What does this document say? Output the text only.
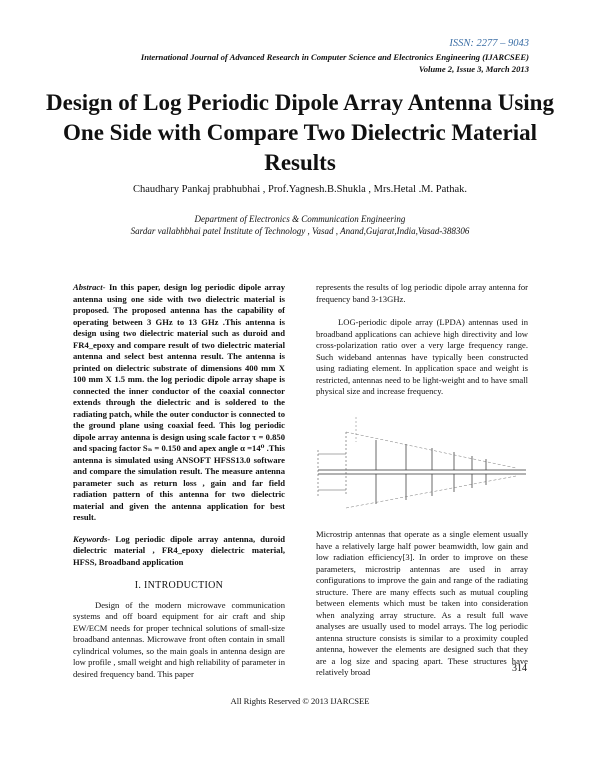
ISSN: 2277 – 9043
International Journal of Advanced Research in Computer Science and Electronics Engineering (IJARCSEE)
Volume 2, Issue 3, March 2013
Design of Log Periodic Dipole Array Antenna Using One Side with Compare Two Dielectric Material Results
Chaudhary Pankaj prabhubhai , Prof.Yagnesh.B.Shukla , Mrs.Hetal .M. Pathak.
Department of Electronics & Communication Engineering
Sardar vallabhbhai patel Institute of Technology , Vasad , Anand,Gujarat,India,Vasad-388306

Abstract- In this paper, design log periodic dipole array antenna using one side with two dielectric material is proposed. The proposed antenna has the capability of operating between 3 GHz to 13 GHz .This antenna is design using two dielectric material such as duroid and FR4_epoxy and compare result of two dielectric material antenna and select best antenna result. The antenna is printed on dielectric substrate of dimensions 400 mm X 100 mm X 1.5 mm. the log periodic dipole array shape is connected the inner conductor of the coaxial connector extends through the dielectric and is soldered to the radiating patch, while the outer conductor is connected to the ground plane using coaxial feed. This log periodic dipole array antenna is design using scale factor τ = 0.850 and spacing factor Sₙ = 0.150 and apex angle α =14⁰ .This antenna is simulated using ANSOFT HFSS13.0 software and compare the simulation result. The measure antenna parameter such as return loss , gain and far field radiation pattern of this antenna for two dielectric material and given the antenna application for best result.

Keywords- Log periodic dipole array antenna, duroid dielectric material , FR4_epoxy dielectric material, HFSS, Broadband application

I. INTRODUCTION

Design of the modern microwave communication systems and off board equipment for air craft and ship EW/ECM needs for proper technical solutions of small-size broadband antennas. Microwave front often contain in small cylindrical volumes, so the main goals in antenna design are low profile , small weight and high reliability of parameter in desired frequency band. This paper

represents the results of log periodic dipole array antenna for frequency band 3-13GHz.

LOG-periodic dipole array (LPDA) antennas used in broadband applications can achieve high directivity and low cross-polarization ratio over a very large frequency range. Such wideband antennas have typically been constructed using radiating element. In application space and weight is restricted, antennas need to be light-weight and to have small physical size and increase frequency.

Microstrip antennas that operate as a single element usually have a relatively large half power beamwidth, low gain and low radiation efficiency[3]. In order to improve on these parameters, microstrip antennas are used in array configurations to improve the gain and range of the radiating structure. There are many effects such as mutual coupling between elements which must be taken into consideration when analyzing array structure. As a result full wave analyses are usually used to model arrays. The log periodic antenna structure consists is similar to a proximity coupled antenna, however the elements are designed such that they are a log size and spacing apart. These structures have relatively broad	314
All Rights Reserved © 2013 IJARCSEE
